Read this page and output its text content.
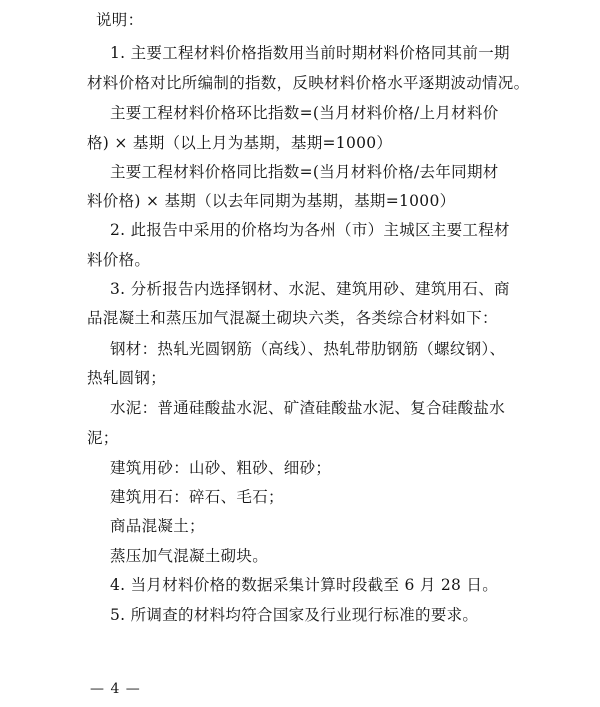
说明：
1. 主要工程材料价格指数用当前时期材料价格同其前一期
材料价格对比所编制的指数，反映材料价格水平逐期波动情况。
主要工程材料价格环比指数=(当月材料价格/上月材料价
格) × 基期（以上月为基期，基期=1000）
主要工程材料价格同比指数=(当月材料价格/去年同期材
料价格) × 基期（以去年同期为基期，基期=1000）
2. 此报告中采用的价格均为各州（市）主城区主要工程材
料价格。
3. 分析报告内选择钢材、水泥、建筑用砂、建筑用石、商
品混凝土和蒸压加气混凝土砌块六类，各类综合材料如下：
钢材：热轧光圆钢筋（高线）、热轧带肋钢筋（螺纹钢）、
热轧圆钢；
水泥：普通硅酸盐水泥、矿渣硅酸盐水泥、复合硅酸盐水
泥；
建筑用砂：山砂、粗砂、细砂；
建筑用石：碎石、毛石；
商品混凝土；
蒸压加气混凝土砌块。
4. 当月材料价格的数据采集计算时段截至 6 月 28 日。
5. 所调查的材料均符合国家及行业现行标准的要求。
— 4 —
